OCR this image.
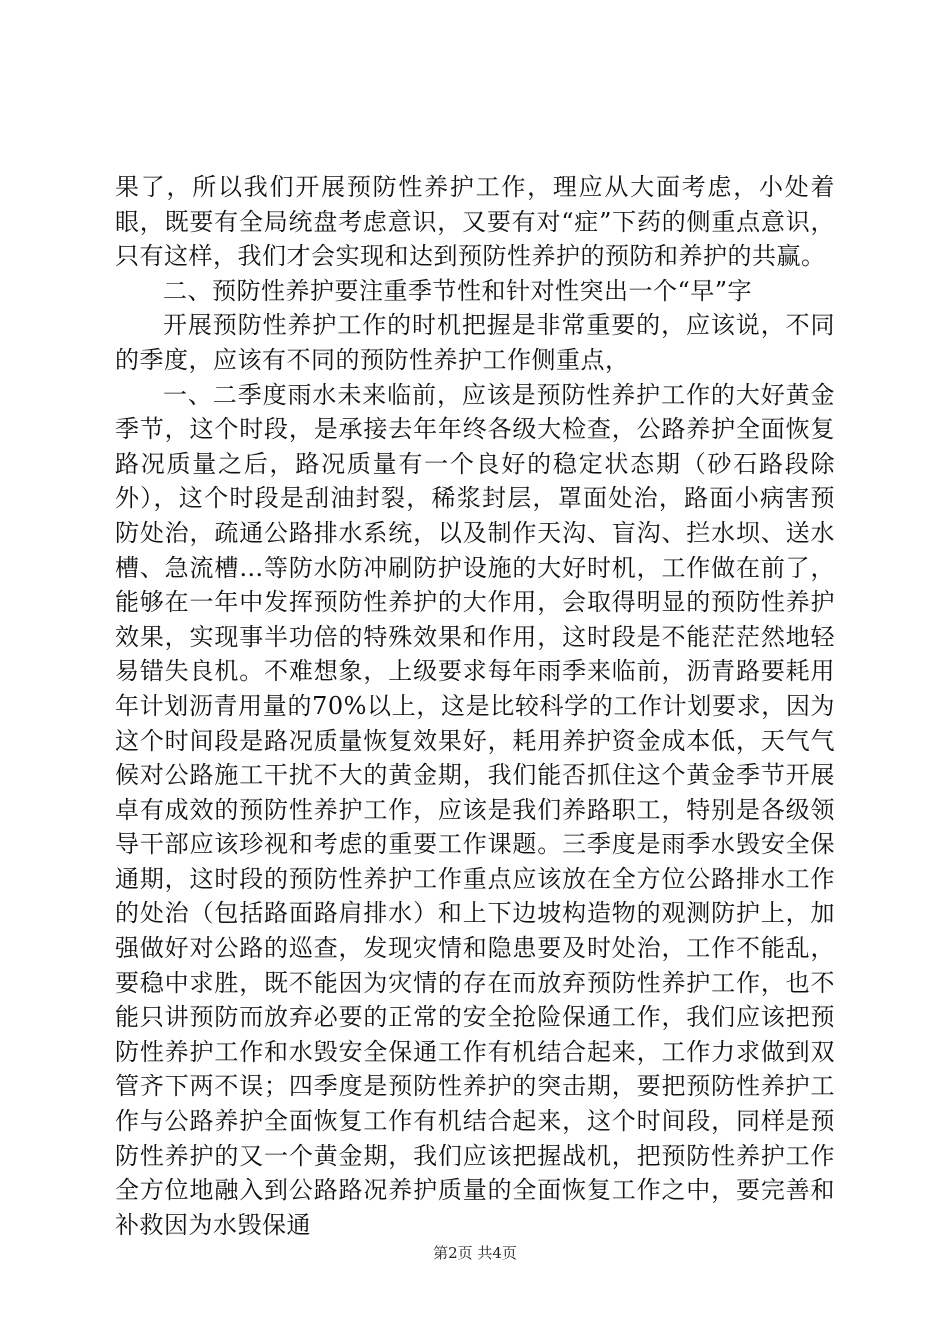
果了，所以我们开展预防性养护工作，理应从大面考虑，小处着眼，既要有全局统盘考虑意识，又要有对“症”下药的侧重点意识，只有这样，我们才会实现和达到预防性养护的预防和养护的共赢。

二、预防性养护要注重季节性和针对性突出一个“早”字

开展预防性养护工作的时机把握是非常重要的，应该说，不同的季度，应该有不同的预防性养护工作侧重点，

一、二季度雨水未来临前，应该是预防性养护工作的大好黄金季节，这个时段，是承接去年年终各级大检查，公路养护全面恢复路况质量之后，路况质量有一个良好的稳定状态期（砂石路段除外），这个时段是刮油封裂，稀浆封层，罩面处治，路面小病害预防处治，疏通公路排水系统，以及制作天沟、盲沟、拦水坝、送水槽、急流槽…等防水防冲刷防护设施的大好时机，工作做在前了，能够在一年中发挥预防性养护的大作用，会取得明显的预防性养护效果，实现事半功倍的特殊效果和作用，这时段是不能茫茫然地轻易错失良机。不难想象，上级要求每年雨季来临前，沥青路要耗用年计划沥青用量的70%以上，这是比较科学的工作计划要求，因为这个时间段是路况质量恢复效果好，耗用养护资金成本低，天气气候对公路施工干扰不大的黄金期，我们能否抓住这个黄金季节开展卓有成效的预防性养护工作，应该是我们养路职工，特别是各级领导干部应该珍视和考虑的重要工作课题。三季度是雨季水毁安全保通期，这时段的预防性养护工作重点应该放在全方位公路排水工作的处治（包括路面路肩排水）和上下边坡构造物的观测防护上，加强做好对公路的巡查，发现灾情和隐患要及时处治，工作不能乱，要稳中求胜，既不能因为灾情的存在而放弃预防性养护工作，也不能只讲预防而放弃必要的正常的安全抢险保通工作，我们应该把预防性养护工作和水毁安全保通工作有机结合起来，工作力求做到双管齐下两不误；四季度是预防性养护的突击期，要把预防性养护工作与公路养护全面恢复工作有机结合起来，这个时间段，同样是预防性养护的又一个黄金期，我们应该把握战机，把预防性养护工作全方位地融入到公路路况养护质量的全面恢复工作之中，要完善和补救因为水毁保通

第2页 共4页
